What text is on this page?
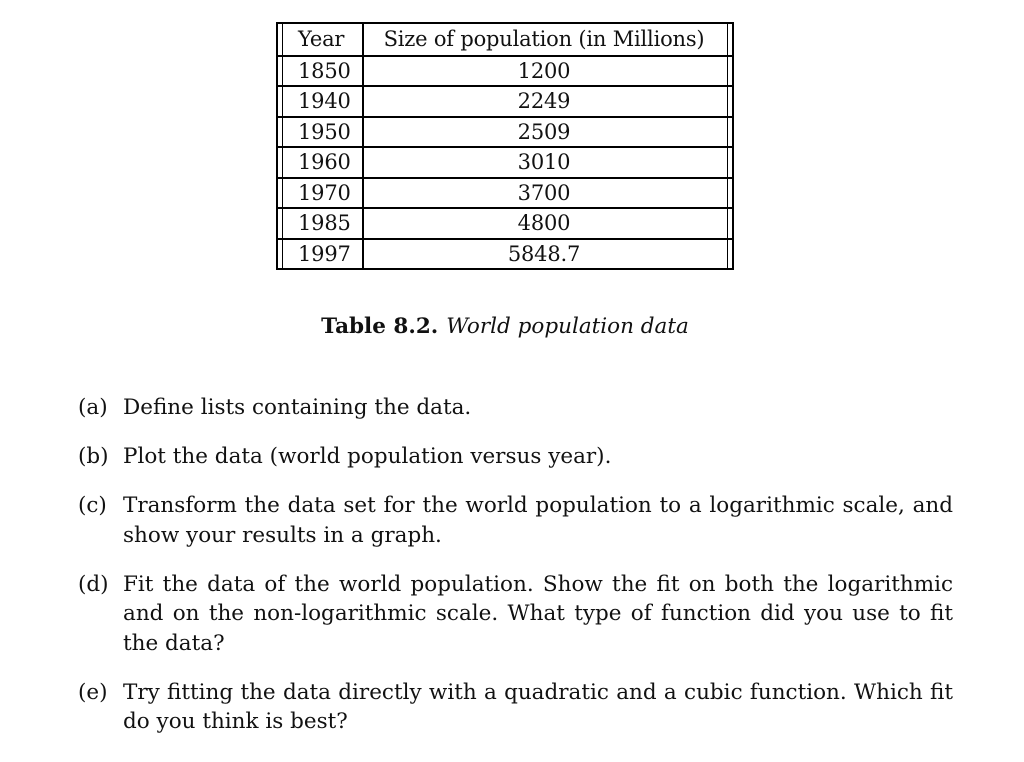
Year	Size of population (in Millions)
1850	1200
1940	2249
1950	2509
1960	3010
1970	3700
1985	4800
1997	5848.7
Table 8.2. World population data
(a) Define lists containing the data.
(b) Plot the data (world population versus year).
(c) Transform the data set for the world population to a logarithmic scale, and show your results in a graph.
(d) Fit the data of the world population. Show the fit on both the logarithmic and on the non-logarithmic scale. What type of function did you use to fit the data?
(e) Try fitting the data directly with a quadratic and a cubic function. Which fit do you think is best?
